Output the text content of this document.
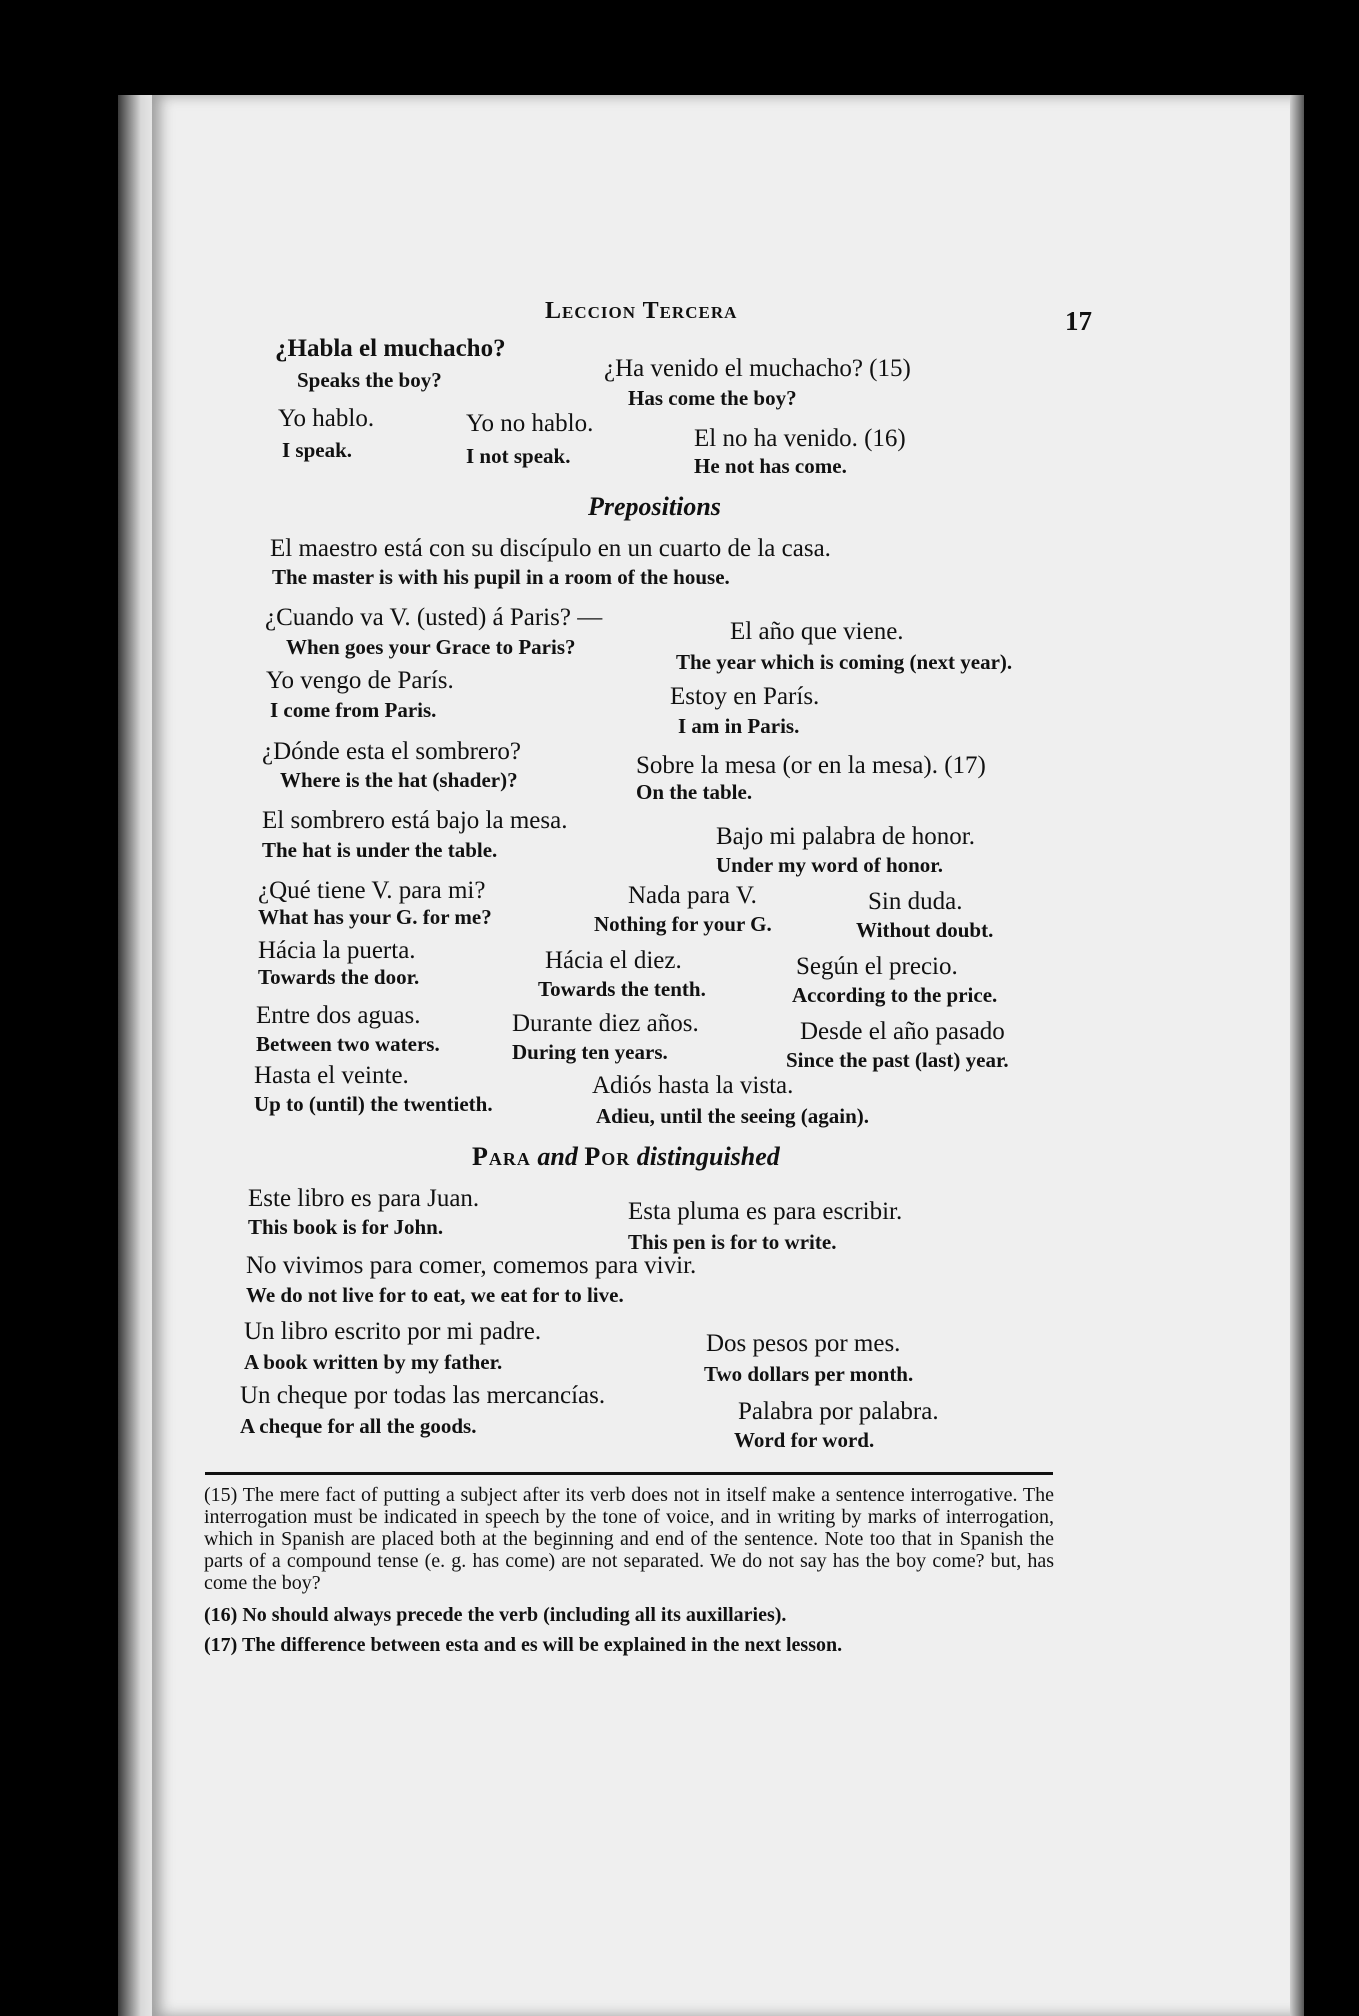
Leccion Tercera	17
¿Habla el muchacho?
Speaks the boy?	¿Ha venido el muchacho? (15)
Has come the boy?
Yo hablo.
I speak.
Yo no hablo.
I not speak.
El no ha venido. (16)
He not has come.
Prepositions
El maestro está con su discípulo en un cuarto de la casa.
The master is with his pupil in a room of the house.
¿Cuando va V. (usted) á Paris? —
When goes your Grace to Paris?
El año que viene.
The year which is coming (next year).
Yo vengo de París.
I come from Paris.	Estoy en París.
I am in Paris.
¿Dónde esta el sombrero?
Where is the hat (shader)?
Sobre la mesa (or en la mesa). (17)
On the table.
El sombrero está bajo la mesa.
The hat is under the table.	Bajo mi palabra de honor.
Under my word of honor.
¿Qué tiene V. para mi?
What has your G. for me?
Nada para V.
Nothing for your G.
Sin duda.
Without doubt.
Hácia la puerta.
Towards the door.
Hácia el diez.
Towards the tenth.
Según el precio.
According to the price.
Entre dos aguas.
Between two waters.
Durante diez años.
During ten years.
Desde el año pasado
Since the past (last) year.
Hasta el veinte.
Up to (until) the twentieth.
Adiós hasta la vista.
Adieu, until the seeing (again).
Para and Por distinguished
Este libro es para Juan.
This book is for John.
Esta pluma es para escribir.
This pen is for to write.
No vivimos para comer, comemos para vivir.
We do not live for to eat, we eat for to live.
Un libro escrito por mi padre.
A book written by my father.
Dos pesos por mes.
Two dollars per month.
Un cheque por todas las mercancías.
A cheque for all the goods.
Palabra por palabra.
Word for word.

(15) The mere fact of putting a subject after its verb does not in itself make a sentence interrogative. The interrogation must be indicated in speech by the tone of voice, and in writing by marks of interrogation, which in Spanish are placed both at the beginning and end of the sentence. Note too that in Spanish the parts of a compound tense (e. g. has come) are not separated. We do not say has the boy come? but, has come the boy?

(16) No should always precede the verb (including all its auxillaries).

(17) The difference between esta and es will be explained in the next lesson.
